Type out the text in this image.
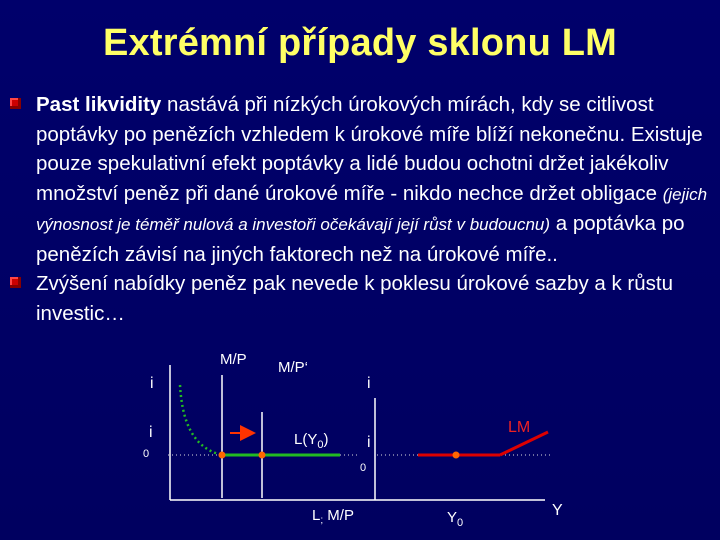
Extrémní případy sklonu LM
Past likvidity nastává při nízkých úrokových mírách, kdy se citlivost poptávky po penězích vzhledem k úrokové míře blíží nekonečnu. Existuje pouze spekulativní efekt poptávky a lidé budou ochotni držet jakékoliv množství peněz při dané úrokové míře - nikdo nechce držet obligace (jejich výnosnost je téměř nulová a investoři očekávají její růst v budoucnu) a poptávka po penězích závisí na jiných faktorech než na úrokové míře..
Zvýšení nabídky peněz pak nevede k poklesu úrokové sazby a k růstu investic…
i
i
0
M/P M/P‘
$L(Y_0)$
$L_;$ M/P
i
i
0
LM
$Y_0$
Y
